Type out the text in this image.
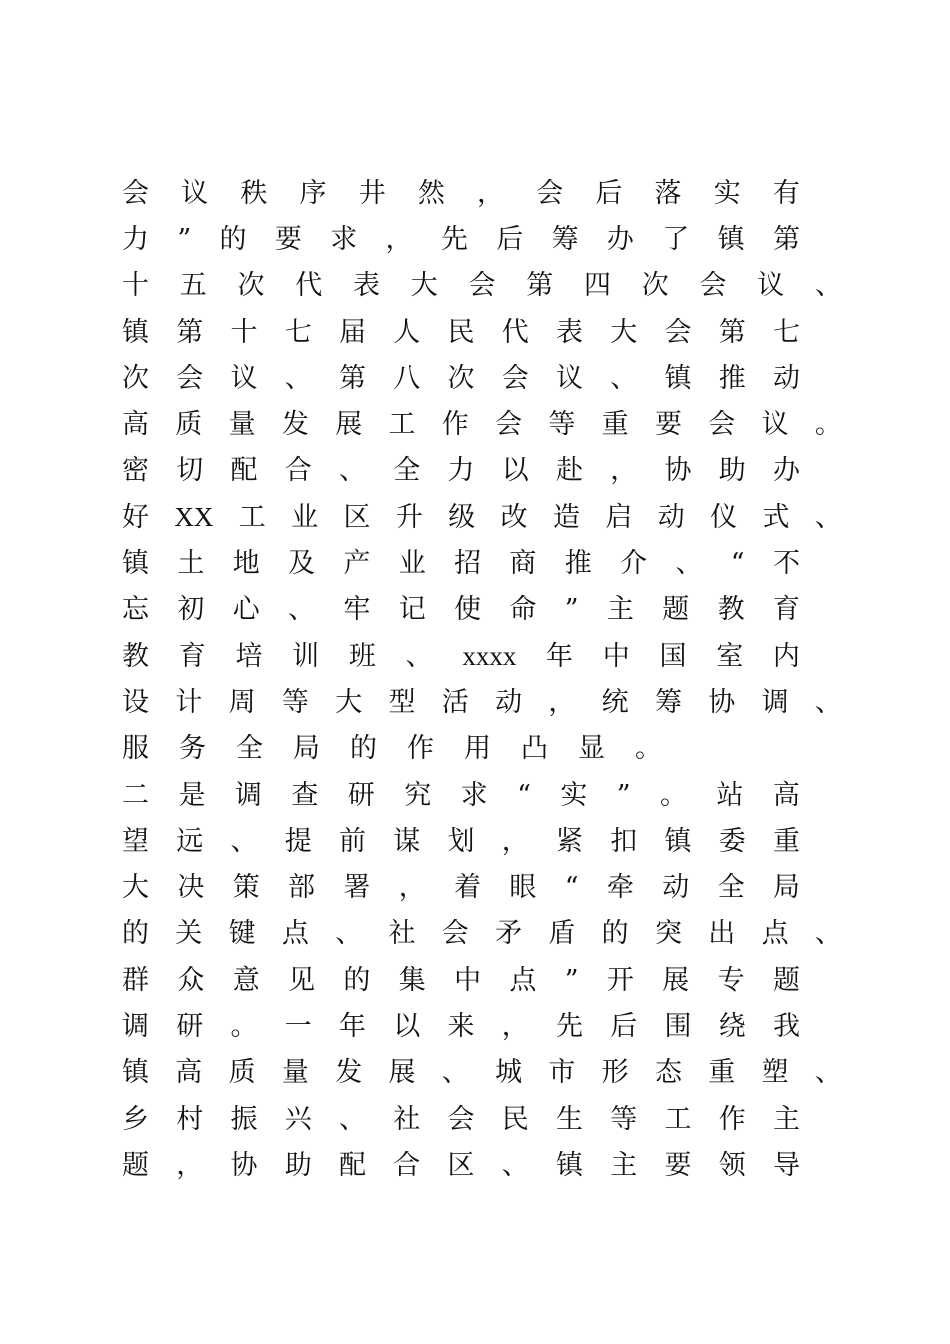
会 议 秩 序 井 然 ， 会 后 落 实 有
力 ” 的 要 求 ， 先 后 筹 办 了 镇 第
十 五 次 代 表 大 会 第 四 次 会 议 、
镇 第 十 七 届 人 民 代 表 大 会 第 七
次 会 议 、 第 八 次 会 议 、 镇 推 动
高 质 量 发 展 工 作 会 等 重 要 会 议 。
密 切 配 合 、 全 力 以 赴 ， 协 助 办
好 XX 工 业 区 升 级 改 造 启 动 仪 式 、
镇 土 地 及 产 业 招 商 推 介 、 “ 不
忘 初 心 、 牢 记 使 命 ” 主 题 教 育
教 育 培 训 班 、 xxxx 年 中 国 室 内
设 计 周 等 大 型 活 动 ， 统 筹 协 调 、
服 务 全 局 的 作 用 凸 显 。
二 是 调 查 研 究 求 “ 实 ” 。 站 高
望 远 、 提 前 谋 划 ， 紧 扣 镇 委 重
大 决 策 部 署 ， 着 眼 “ 牵 动 全 局
的 关 键 点 、 社 会 矛 盾 的 突 出 点 、
群 众 意 见 的 集 中 点 ” 开 展 专 题
调 研 。 一 年 以 来 ， 先 后 围 绕 我
镇 高 质 量 发 展 、 城 市 形 态 重 塑 、
乡 村 振 兴 、 社 会 民 生 等 工 作 主
题 ， 协 助 配 合 区 、 镇 主 要 领 导
